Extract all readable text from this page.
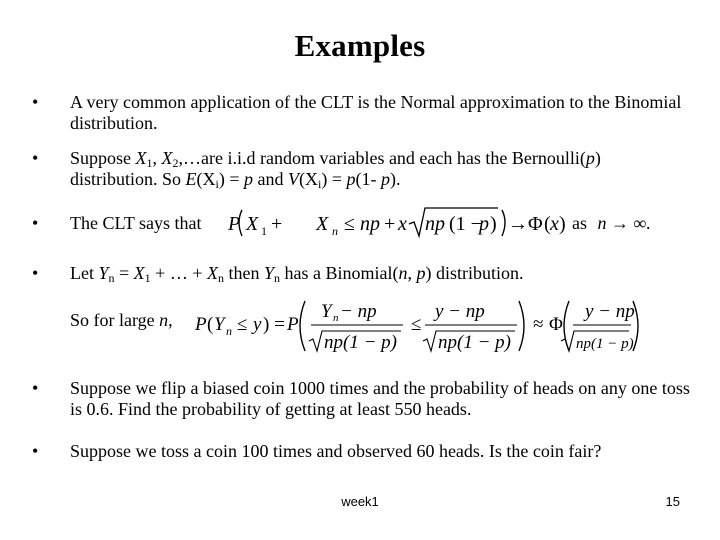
Examples
•	A very common application of the CLT is the Normal approximation to the Binomial distribution.
•	Suppose $X_1$, $X_2,\dots are$ i.i.d random variables and each has the Bernoulli(p)
distribution. So $E(X_i) = p$ and $V(X_i) = p(1-$ p).
•	The CLT says that	P X 1 + X n ≤ np + x np (1 −
p ) → Φ ( x ) as n → ∞.
•	Let $Y_n = X_1$ + … + $X_n$ then $Y_n$ has a Binomial(n, p) distribution.
So for large n,	P ( Y n ≤ y ) = P
Y n − np
np(1 − p)
≤
y − np
np(1 − p)
≈ Φ
y − np
np(1 − p)
•	Suppose we flip a biased coin 1000 times and the probability of heads on any one toss is 0.6. Find the probability of getting at least 550 heads.
•	Suppose we toss a coin 100 times and observed 60 heads. Is the coin fair?
week1	15
